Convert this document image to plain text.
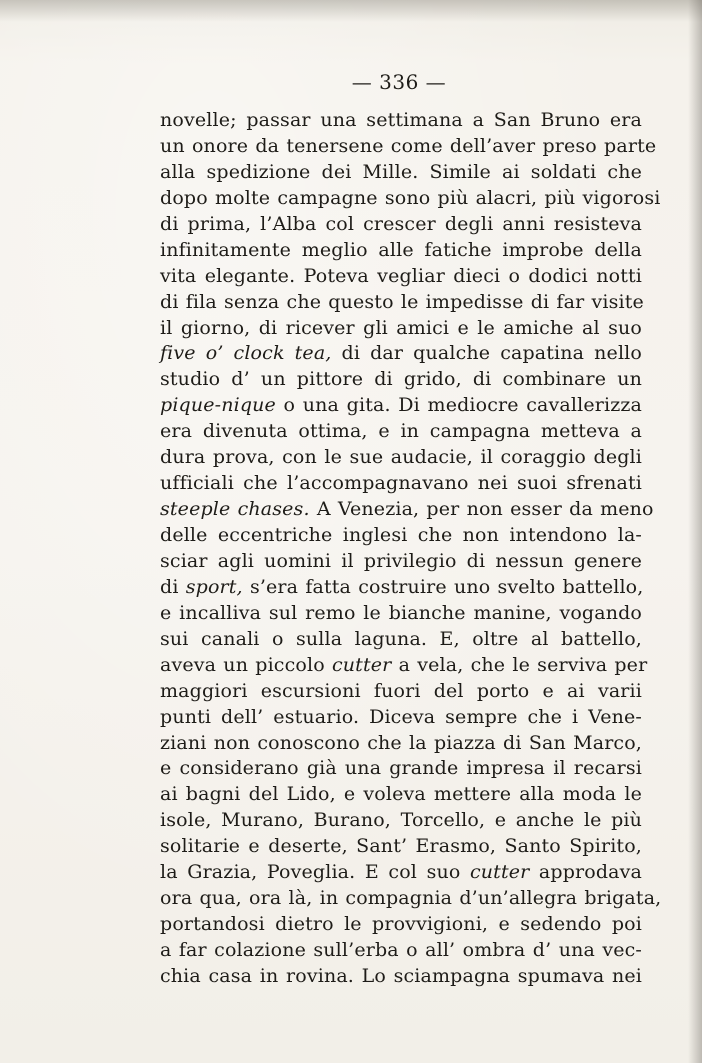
— 336 —
novelle; passar una settimana a San Bruno era
un onore da tenersene come dell’aver preso parte
alla spedizione dei Mille. Simile ai soldati che
dopo molte campagne sono più alacri, più vigorosi
di prima, l’Alba col crescer degli anni resisteva
infinitamente meglio alle fatiche improbe della
vita elegante. Poteva vegliar dieci o dodici notti
di fila senza che questo le impedisse di far visite
il giorno, di ricever gli amici e le amiche al suo
five o’ clock tea, di dar qualche capatina nello
studio d’ un pittore di grido, di combinare un
pique-nique o una gita. Di mediocre cavallerizza
era divenuta ottima, e in campagna metteva a
dura prova, con le sue audacie, il coraggio degli
ufficiali che l’accompagnavano nei suoi sfrenati
steeple chases. A Venezia, per non esser da meno
delle eccentriche inglesi che non intendono la-
sciar agli uomini il privilegio di nessun genere
di sport, s’era fatta costruire uno svelto battello,
e incalliva sul remo le bianche manine, vogando
sui canali o sulla laguna. E, oltre al battello,
aveva un piccolo cutter a vela, che le serviva per
maggiori escursioni fuori del porto e ai varii
punti dell’ estuario. Diceva sempre che i Vene-
ziani non conoscono che la piazza di San Marco,
e considerano già una grande impresa il recarsi
ai bagni del Lido, e voleva mettere alla moda le
isole, Murano, Burano, Torcello, e anche le più
solitarie e deserte, Sant’ Erasmo, Santo Spirito,
la Grazia, Poveglia. E col suo cutter approdava
ora qua, ora là, in compagnia d’un’allegra brigata,
portandosi dietro le provvigioni, e sedendo poi
a far colazione sull’erba o all’ ombra d’ una vec-
chia casa in rovina. Lo sciampagna spumava nei
